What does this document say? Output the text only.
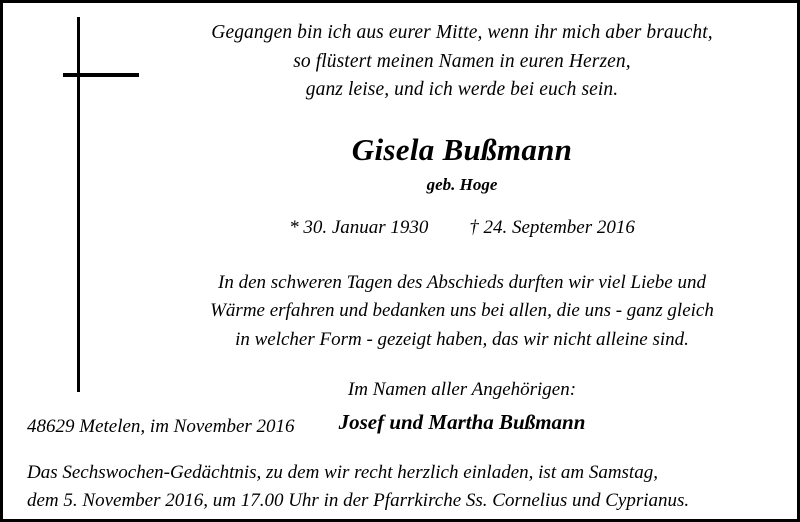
Gegangen bin ich aus eurer Mitte, wenn ihr mich aber braucht,
so flüstert meinen Namen in euren Herzen,
ganz leise, und ich werde bei euch sein.
Gisela Bußmann
geb. Hoge
* 30. Januar 1930 † 24. September 2016
In den schweren Tagen des Abschieds durften wir viel Liebe und
Wärme erfahren und bedanken uns bei allen, die uns - ganz gleich
in welcher Form - gezeigt haben, das wir nicht alleine sind.
Im Namen aller Angehörigen:
Josef und Martha Bußmann
48629 Metelen, im November 2016
Das Sechswochen-Gedächtnis, zu dem wir recht herzlich einladen, ist am Samstag,
dem 5. November 2016, um 17.00 Uhr in der Pfarrkirche Ss. Cornelius und Cyprianus.
